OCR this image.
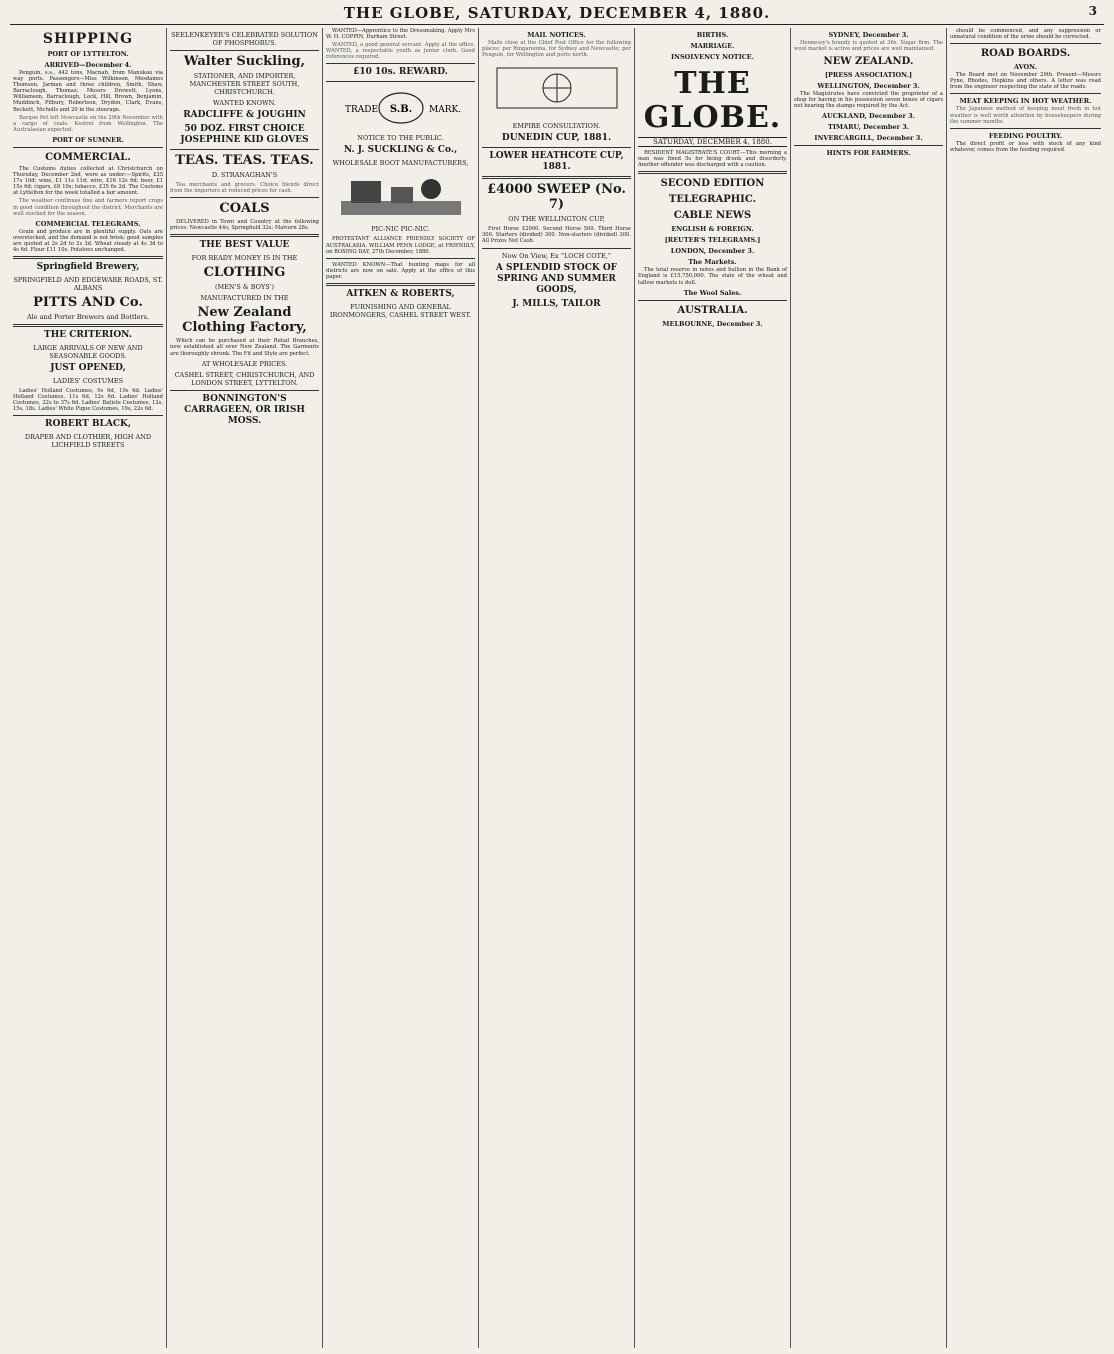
THE GLOBE, SATURDAY, DECEMBER 4, 1880.	3
SHIPPING
PORT OF LYTTELTON.
ARRIVED—December 4.

Penguin, s.s., 442 tons, Macnab, from Manukau via way ports. Passengers—Miss Wilkinson, Mesdames Thomson, Jarman and three children, Smith, Shaw, Barraclough, Thomas; Messrs Drewett, Lyons, Williamson, Barraclough, Lock, Hill, Brown, Benjamin, Muddinch, Pilbury, Robertson, Dryden, Clark, Evans, Beckett, Nicholls and 20 in the steerage.

Barque Pet left Newcastle on the 29th November with a cargo of coals. Kestrel from Wellington. The Australasian expected.

PORT OF SUMNER.
COMMERCIAL.

The Customs duties collected at Christchurch on Thursday, December 2nd, were as under:—Spirits, £35 17s 10d; wine, £1 11s 11d; wire, £16 12s 6d; beer, £1 15s 6d; cigars, £6 10s; tobacco, £35 6s 2d. The Customs at Lyttelton for the week totalled a fair amount.

The weather continues fine and farmers report crops in good condition throughout the district. Merchants are well stocked for the season.

COMMERCIAL TELEGRAMS.

Grain and produce are in plentiful supply. Oats are overstocked, and the demand is not brisk; good samples are quoted at 2s 2d to 2s 3d. Wheat steady at 4s 3d to 4s 6d. Flour £11 10s. Potatoes unchanged.

Springfield Brewery,
SPRINGFIELD AND EDGEWARE ROADS, ST. ALBANS
PITTS AND Co.
Ale and Porter Brewers and Bottlers.
THE CRITERION.
LARGE ARRIVALS OF NEW AND SEASONABLE GOODS.
JUST OPENED,
LADIES' COSTUMES

Ladies' Holland Costumes, 9s 6d, 10s 6d. Ladies' Holland Costumes, 11s 6d, 12s 6d. Ladies' Holland Costumes, 22s to 37s 6d. Ladies' Batiste Costumes, 12s, 15s, 18s. Ladies' White Pique Costumes, 19s, 22s 6d.

ROBERT BLACK,
DRAPER AND CLOTHIER, HIGH AND LICHFIELD STREETS
SEELENKEYER'S CELEBRATED SOLUTION OF PHOSPHORUS.
Walter Suckling,
STATIONER, AND IMPORTER, MANCHESTER STREET SOUTH, CHRISTCHURCH.
WANTED KNOWN.
RADCLIFFE & JOUGHIN
50 DOZ. FIRST CHOICE JOSEPHINE KID GLOVES
TEAS. TEAS. TEAS.
D. STRANAGHAN'S

Tea merchants and grocers. Choice blends direct from the importers at reduced prices for cash.

COALS

DELIVERED in Town and Country at the following prices: Newcastle 44s; Springfield 32s; Malvern 28s.

THE BEST VALUE
FOR READY MONEY IS IN THE
CLOTHING
(MEN'S & BOYS')
MANUFACTURED IN THE
New Zealand Clothing Factory,

Which can be purchased at their Retail Branches, now established all over New Zealand. The Garments are thoroughly shrunk. The Fit and Style are perfect.

AT WHOLESALE PRICES.
CASHEL STREET, CHRISTCHURCH, AND LONDON STREET, LYTTELTON.
BONNINGTON'S CARRAGEEN, OR IRISH MOSS.

WANTED—Apprentice to the Dressmaking. Apply Mrs W. H. COPPIN, Durham Street.

WANTED, a good general servant. Apply at the office. WANTED, a respectable youth as junior clerk. Good references required.

£10 10s. REWARD.
TRADE S.B. MARK.
NOTICE TO THE PUBLIC.
N. J. SUCKLING & Co.,
WHOLESALE BOOT MANUFACTURERS,
PIC-NIC PIC-NIC.

PROTESTANT ALLIANCE FRIENDLY SOCIETY OF AUSTRALASIA. WILLIAM PENN LODGE, at FRIENDLY, on BOXING DAY, 27th December, 1880.

WANTED KNOWN—That hunting maps for all districts are now on sale. Apply at the office of this paper.

AITKEN & ROBERTS,
FURNISHING AND GENERAL IRONMONGERS, CASHEL STREET WEST.
MAIL NOTICES.

Mails close at the Chief Post Office for the following places: per Ringarooma, for Sydney and Newcastle; per Penguin, for Wellington and ports north.

EMPIRE CONSULTATION.
DUNEDIN CUP, 1881.
LOWER HEATHCOTE CUP, 1881.
£4000 SWEEP (No. 7)
ON THE WELLINGTON CUP,

First Horse £2000. Second Horse 500. Third Horse 300. Starters (divided) 300. Non-starters (divided) 300. All Prizes Net Cash.

Now On View, Ex “LOCH COTE,”
A SPLENDID STOCK OF SPRING AND SUMMER GOODS,
J. MILLS, TAILOR
BIRTHS.
MARRIAGE.
INSOLVENCY NOTICE.
THE GLOBE.
SATURDAY, DECEMBER 4, 1880.

RESIDENT MAGISTRATE'S COURT.—This morning a man was fined 5s for being drunk and disorderly. Another offender was discharged with a caution.

SECOND EDITION
TELEGRAPHIC.
CABLE NEWS
ENGLISH & FOREIGN.
[REUTER'S TELEGRAMS.]
LONDON, December 3.
The Markets.

The total reserve in notes and bullion in the Bank of England is £15,750,000. The state of the wheat and tallow markets is dull.

The Wool Sales.
AUSTRALIA.
MELBOURNE, December 3.
SYDNEY, December 3.

Hennessy's brandy is quoted at 36s. Sugar firm. The wool market is active and prices are well maintained.

NEW ZEALAND.
[PRESS ASSOCIATION.]
WELLINGTON, December 3.

The Magistrates have convicted the proprietor of a shop for having in his possession seven boxes of cigars not bearing the stamps required by the Act.

AUCKLAND, December 3.
TIMARU, December 3.
INVERCARGILL, December 3.
HINTS FOR FARMERS.

should be commenced, and any suppression or unnatural condition of the urine should be corrected.

ROAD BOARDS.
AVON.

The Board met on November 29th. Present—Messrs Pyne, Rhodes, Hopkins and others. A letter was read from the engineer respecting the state of the roads.

MEAT KEEPING IN HOT WEATHER.

The Japanese method of keeping meat fresh in hot weather is well worth attention by housekeepers during the summer months.

FEEDING POULTRY.

The direct profit or loss with stock of any kind whatever, comes from the feeding required.
